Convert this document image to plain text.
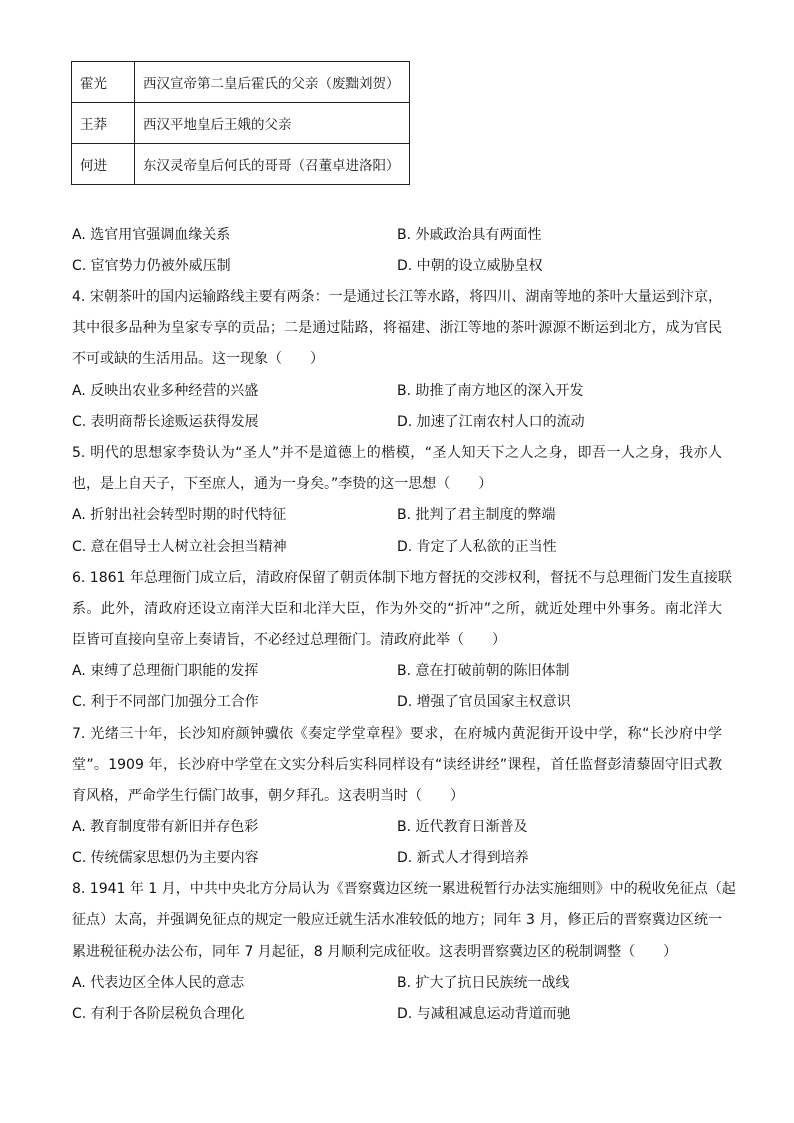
霍光	西汉宣帝第二皇后霍氏的父亲（废黜刘贺）
王莽	西汉平地皇后王娥的父亲
何进	东汉灵帝皇后何氏的哥哥（召董卓进洛阳）
A. 选官用官强调血缘关系	B. 外戚政治具有两面性
C. 宦官势力仍被外威压制	D. 中朝的设立威胁皇权
4. 宋朝茶叶的国内运输路线主要有两条：一是通过长江等水路，将四川、湖南等地的茶叶大量运到汴京，
其中很多品种为皇家专享的贡品；二是通过陆路，将福建、浙江等地的茶叶源源不断运到北方，成为官民
不可或缺的生活用品。这一现象（　　）
A. 反映出农业多种经营的兴盛	B. 助推了南方地区的深入开发
C. 表明商帮长途贩运获得发展	D. 加速了江南农村人口的流动
5. 明代的思想家李贽认为“圣人”并不是道德上的楷模，“圣人知天下之人之身，即吾一人之身，我亦人
也，是上自天子，下至庶人，通为一身矣。”李贽的这一思想（　　）
A. 折射出社会转型时期的时代特征	B. 批判了君主制度的弊端
C. 意在倡导士人树立社会担当精神	D. 肯定了人私欲的正当性
6. 1861 年总理衙门成立后，清政府保留了朝贡体制下地方督抚的交涉权利，督抚不与总理衙门发生直接联
系。此外，清政府还设立南洋大臣和北洋大臣，作为外交的“折冲”之所，就近处理中外事务。南北洋大
臣皆可直接向皇帝上奏请旨，不必经过总理衙门。清政府此举（　　）
A. 束缚了总理衙门职能的发挥	B. 意在打破前朝的陈旧体制
C. 利于不同部门加强分工合作	D. 增强了官员国家主权意识
7. 光绪三十年，长沙知府颜钟骥依《奏定学堂章程》要求，在府城内黄泥街开设中学，称“长沙府中学
堂”。1909 年，长沙府中学堂在文实分科后实科同样设有“读经讲经”课程，首任监督彭清藜固守旧式教
育风格，严命学生行儒门故事，朝夕拜孔。这表明当时（　　）
A. 教育制度带有新旧并存色彩	B. 近代教育日渐普及
C. 传统儒家思想仍为主要内容	D. 新式人才得到培养
8. 1941 年 1 月，中共中央北方分局认为《晋察冀边区统一累进税暂行办法实施细则》中的税收免征点（起
征点）太高，并强调免征点的规定一般应迁就生活水准较低的地方；同年 3 月，修正后的晋察冀边区统一
累进税征税办法公布，同年 7 月起征，8 月顺利完成征收。这表明晋察冀边区的税制调整（　　）
A. 代表边区全体人民的意志	B. 扩大了抗日民族统一战线
C. 有利于各阶层税负合理化	D. 与减租减息运动背道而驰
